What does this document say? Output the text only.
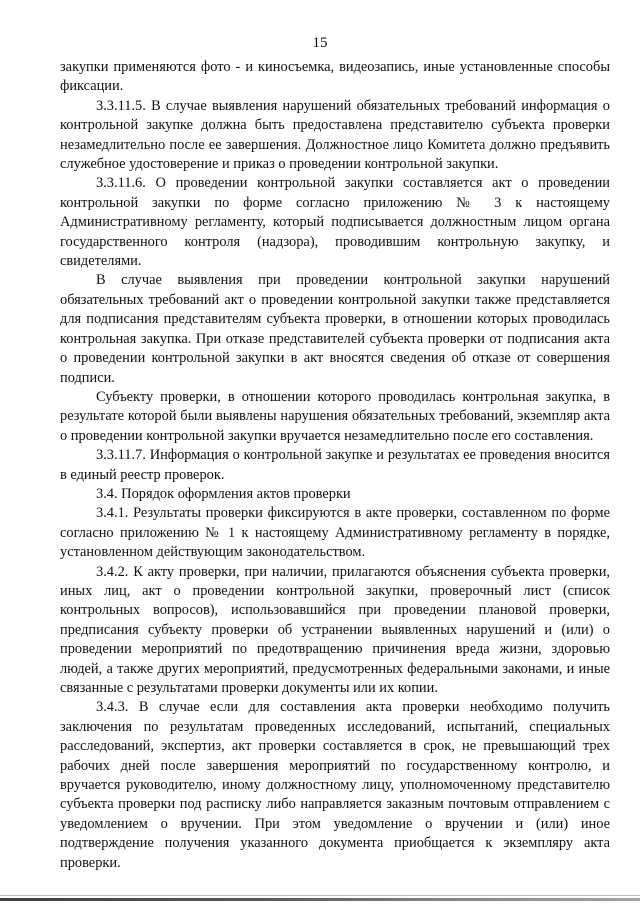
15

закупки применяются фото - и киносъемка, видеозапись, иные установленные способы фиксации.

3.3.11.5. В случае выявления нарушений обязательных требований информация о контрольной закупке должна быть предоставлена представителю субъекта проверки незамедлительно после ее завершения. Должностное лицо Комитета должно предъявить служебное удостоверение и приказ о проведении контрольной закупки.

3.3.11.6. О проведении контрольной закупки составляется акт о проведении контрольной закупки по форме согласно приложению № 3 к настоящему Административному регламенту, который подписывается должностным лицом органа государственного контроля (надзора), проводившим контрольную закупку, и свидетелями.

В случае выявления при проведении контрольной закупки нарушений обязательных требований акт о проведении контрольной закупки также представляется для подписания представителям субъекта проверки, в отношении которых проводилась контрольная закупка. При отказе представителей субъекта проверки от подписания акта о проведении контрольной закупки в акт вносятся сведения об отказе от совершения подписи.

Субъекту проверки, в отношении которого проводилась контрольная закупка, в результате которой были выявлены нарушения обязательных требований, экземпляр акта о проведении контрольной закупки вручается незамедлительно после его составления.

3.3.11.7. Информация о контрольной закупке и результатах ее проведения вносится в единый реестр проверок.

3.4. Порядок оформления актов проверки

3.4.1. Результаты проверки фиксируются в акте проверки, составленном по форме согласно приложению № 1 к настоящему Административному регламенту в порядке, установленном действующим законодательством.

3.4.2. К акту проверки, при наличии, прилагаются объяснения субъекта проверки, иных лиц, акт о проведении контрольной закупки, проверочный лист (список контрольных вопросов), использовавшийся при проведении плановой проверки, предписания субъекту проверки об устранении выявленных нарушений и (или) о проведении мероприятий по предотвращению причинения вреда жизни, здоровью людей, а также других мероприятий, предусмотренных федеральными законами, и иные связанные с результатами проверки документы или их копии.

3.4.3. В случае если для составления акта проверки необходимо получить заключения по результатам проведенных исследований, испытаний, специальных расследований, экспертиз, акт проверки составляется в срок, не превышающий трех рабочих дней после завершения мероприятий по государственному контролю, и вручается руководителю, иному должностному лицу, уполномоченному представителю субъекта проверки под расписку либо направляется заказным почтовым отправлением с уведомлением о вручении. При этом уведомление о вручении и (или) иное подтверждение получения указанного документа приобщается к экземпляру акта проверки.
